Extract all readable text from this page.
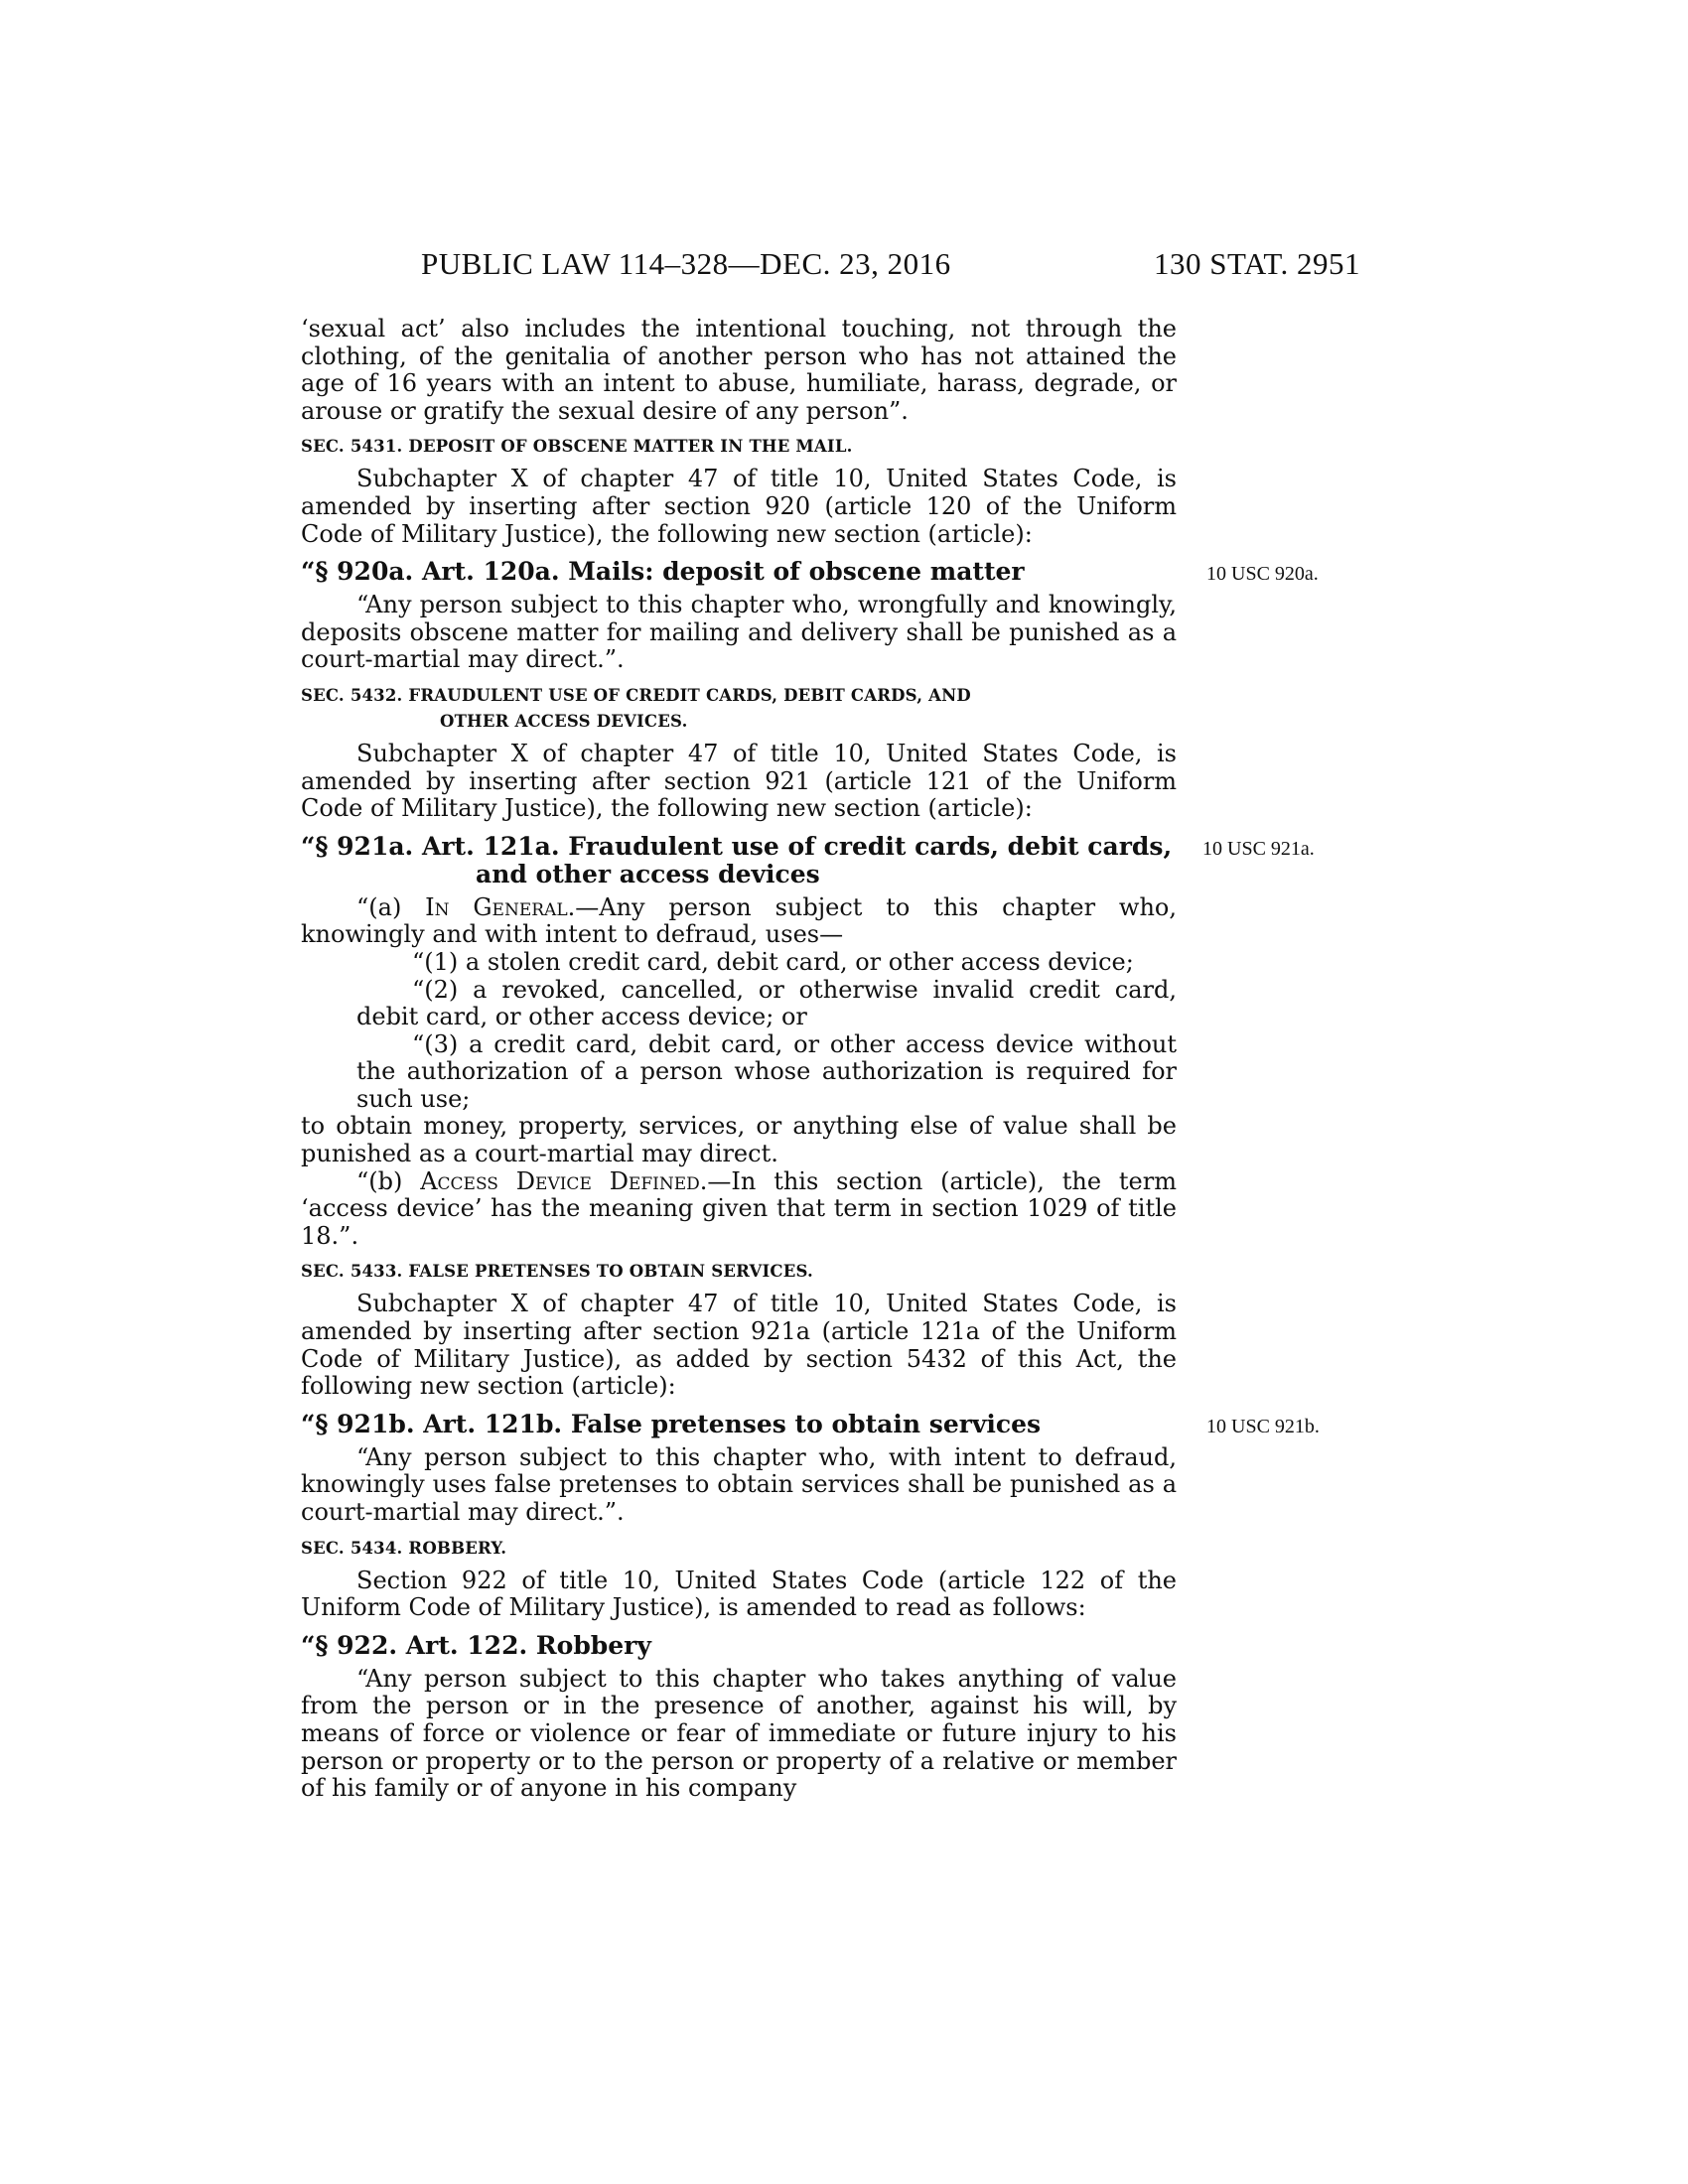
PUBLIC LAW 114–328—DEC. 23, 2016	130 STAT. 2951

‘sexual act’ also includes the intentional touching, not through the clothing, of the genitalia of another person who has not attained the age of 16 years with an intent to abuse, humiliate, harass, degrade, or arouse or gratify the sexual desire of any person”.

SEC. 5431. DEPOSIT OF OBSCENE MATTER IN THE MAIL.

Subchapter X of chapter 47 of title 10, United States Code, is amended by inserting after section 920 (article 120 of the Uniform Code of Military Justice), the following new section (article):

“§ 920a. Art. 120a. Mails: deposit of obscene matter	10 USC 920a.

“Any person subject to this chapter who, wrongfully and knowingly, deposits obscene matter for mailing and delivery shall be punished as a court-martial may direct.”.

SEC. 5432. FRAUDULENT USE OF CREDIT CARDS, DEBIT CARDS, AND
OTHER ACCESS DEVICES.

Subchapter X of chapter 47 of title 10, United States Code, is amended by inserting after section 921 (article 121 of the Uniform Code of Military Justice), the following new section (article):

“§ 921a. Art. 121a. Fraudulent use of credit cards, debit cards,
and other access devices
10 USC 921a.

“(a) In General.—Any person subject to this chapter who, knowingly and with intent to defraud, uses—

“(1) a stolen credit card, debit card, or other access device;

“(2) a revoked, cancelled, or otherwise invalid credit card, debit card, or other access device; or

“(3) a credit card, debit card, or other access device without the authorization of a person whose authorization is required for such use;

to obtain money, property, services, or anything else of value shall be punished as a court-martial may direct.

“(b) Access Device Defined.—In this section (article), the term ‘access device’ has the meaning given that term in section 1029 of title 18.”.

SEC. 5433. FALSE PRETENSES TO OBTAIN SERVICES.

Subchapter X of chapter 47 of title 10, United States Code, is amended by inserting after section 921a (article 121a of the Uniform Code of Military Justice), as added by section 5432 of this Act, the following new section (article):

“§ 921b. Art. 121b. False pretenses to obtain services	10 USC 921b.

“Any person subject to this chapter who, with intent to defraud, knowingly uses false pretenses to obtain services shall be punished as a court-martial may direct.”.

SEC. 5434. ROBBERY.

Section 922 of title 10, United States Code (article 122 of the Uniform Code of Military Justice), is amended to read as follows:

“§ 922. Art. 122. Robbery

“Any person subject to this chapter who takes anything of value from the person or in the presence of another, against his will, by means of force or violence or fear of immediate or future injury to his person or property or to the person or property of a relative or member of his family or of anyone in his company
